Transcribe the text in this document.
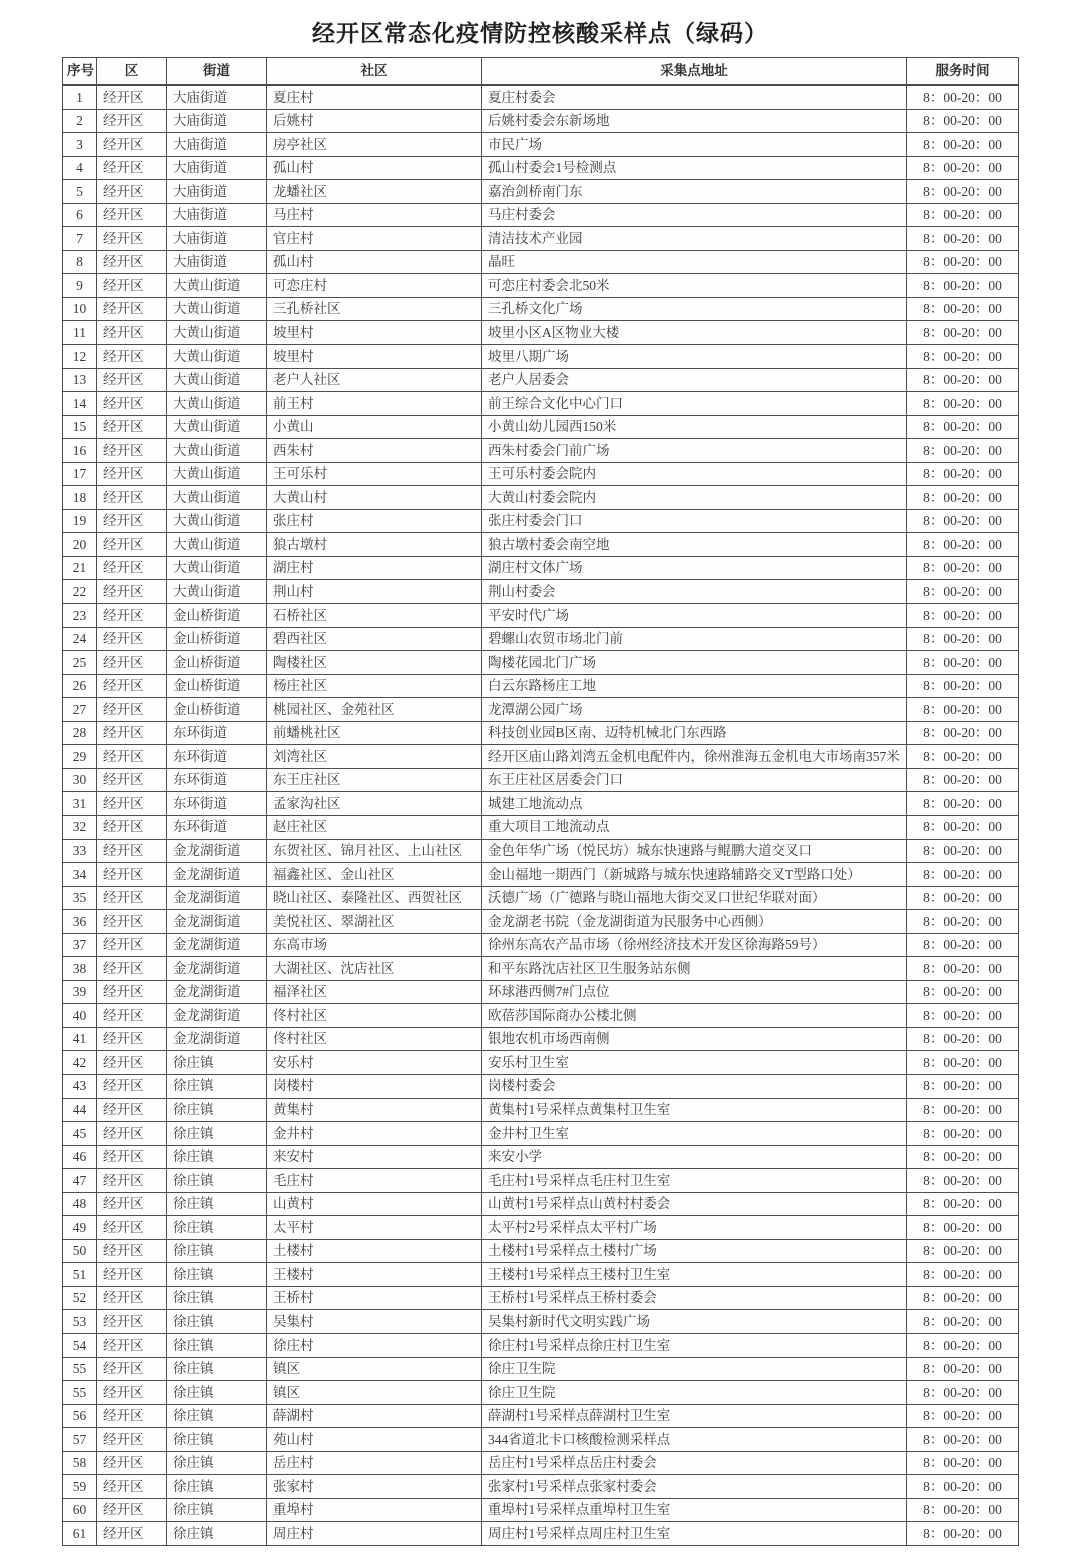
经开区常态化疫情防控核酸采样点（绿码）
序号	区	街道	社区	采集点地址	服务时间
1	经开区	大庙街道	夏庄村	夏庄村委会	8：00-20：00
2	经开区	大庙街道	后姚村	后姚村委会东新场地	8：00-20：00
3	经开区	大庙街道	房亭社区	市民广场	8：00-20：00
4	经开区	大庙街道	孤山村	孤山村委会1号检测点	8：00-20：00
5	经开区	大庙街道	龙蟠社区	嘉治剑桥南门东	8：00-20：00
6	经开区	大庙街道	马庄村	马庄村委会	8：00-20：00
7	经开区	大庙街道	官庄村	清洁技术产业园	8：00-20：00
8	经开区	大庙街道	孤山村	晶旺	8：00-20：00
9	经开区	大黄山街道	可恋庄村	可恋庄村委会北50米	8：00-20：00
10	经开区	大黄山街道	三孔桥社区	三孔桥文化广场	8：00-20：00
11	经开区	大黄山街道	坡里村	坡里小区A区物业大楼	8：00-20：00
12	经开区	大黄山街道	坡里村	坡里八期广场	8：00-20：00
13	经开区	大黄山街道	老户人社区	老户人居委会	8：00-20：00
14	经开区	大黄山街道	前王村	前王综合文化中心门口	8：00-20：00
15	经开区	大黄山街道	小黄山	小黄山幼儿园西150米	8：00-20：00
16	经开区	大黄山街道	西朱村	西朱村委会门前广场	8：00-20：00
17	经开区	大黄山街道	王可乐村	王可乐村委会院内	8：00-20：00
18	经开区	大黄山街道	大黄山村	大黄山村委会院内	8：00-20：00
19	经开区	大黄山街道	张庄村	张庄村委会门口	8：00-20：00
20	经开区	大黄山街道	狼古墩村	狼古墩村委会南空地	8：00-20：00
21	经开区	大黄山街道	湖庄村	湖庄村文体广场	8：00-20：00
22	经开区	大黄山街道	荆山村	荆山村委会	8：00-20：00
23	经开区	金山桥街道	石桥社区	平安时代广场	8：00-20：00
24	经开区	金山桥街道	碧西社区	碧螺山农贸市场北门前	8：00-20：00
25	经开区	金山桥街道	陶楼社区	陶楼花园北门广场	8：00-20：00
26	经开区	金山桥街道	杨庄社区	白云东路杨庄工地	8：00-20：00
27	经开区	金山桥街道	桃园社区、金苑社区	龙潭湖公园广场	8：00-20：00
28	经开区	东环街道	前蟠桃社区	科技创业园B区南、迈特机械北门东西路	8：00-20：00
29	经开区	东环街道	刘湾社区	经开区庙山路刘湾五金机电配件内，徐州淮海五金机电大市场南357米	8：00-20：00
30	经开区	东环街道	东王庄社区	东王庄社区居委会门口	8：00-20：00
31	经开区	东环街道	孟家沟社区	城建工地流动点	8：00-20：00
32	经开区	东环街道	赵庄社区	重大项目工地流动点	8：00-20：00
33	经开区	金龙湖街道	东贺社区、锦月社区、上山社区	金色年华广场（悦民坊）城东快速路与鲲鹏大道交叉口	8：00-20：00
34	经开区	金龙湖街道	福鑫社区、金山社区	金山福地一期西门（新城路与城东快速路辅路交叉T型路口处）	8：00-20：00
35	经开区	金龙湖街道	晓山社区、泰隆社区、西贺社区	沃德广场（广德路与晓山福地大街交叉口世纪华联对面）	8：00-20：00
36	经开区	金龙湖街道	美悦社区、翠湖社区	金龙湖老书院（金龙湖街道为民服务中心西侧）	8：00-20：00
37	经开区	金龙湖街道	东高市场	徐州东高农产品市场（徐州经济技术开发区徐海路59号）	8：00-20：00
38	经开区	金龙湖街道	大湖社区、沈店社区	和平东路沈店社区卫生服务站东侧	8：00-20：00
39	经开区	金龙湖街道	福泽社区	环球港西侧7#门点位	8：00-20：00
40	经开区	金龙湖街道	佟村社区	欧蓓莎国际商办公楼北侧	8：00-20：00
41	经开区	金龙湖街道	佟村社区	银地农机市场西南侧	8：00-20：00
42	经开区	徐庄镇	安乐村	安乐村卫生室	8：00-20：00
43	经开区	徐庄镇	岗楼村	岗楼村委会	8：00-20：00
44	经开区	徐庄镇	黄集村	黄集村1号采样点黄集村卫生室	8：00-20：00
45	经开区	徐庄镇	金井村	金井村卫生室	8：00-20：00
46	经开区	徐庄镇	来安村	来安小学	8：00-20：00
47	经开区	徐庄镇	毛庄村	毛庄村1号采样点毛庄村卫生室	8：00-20：00
48	经开区	徐庄镇	山黄村	山黄村1号采样点山黄村村委会	8：00-20：00
49	经开区	徐庄镇	太平村	太平村2号采样点太平村广场	8：00-20：00
50	经开区	徐庄镇	土楼村	土楼村1号采样点土楼村广场	8：00-20：00
51	经开区	徐庄镇	王楼村	王楼村1号采样点王楼村卫生室	8：00-20：00
52	经开区	徐庄镇	王桥村	王桥村1号采样点王桥村委会	8：00-20：00
53	经开区	徐庄镇	吴集村	吴集村新时代文明实践广场	8：00-20：00
54	经开区	徐庄镇	徐庄村	徐庄村1号采样点徐庄村卫生室	8：00-20：00
55	经开区	徐庄镇	镇区	徐庄卫生院	8：00-20：00
55	经开区	徐庄镇	镇区	徐庄卫生院	8：00-20：00
56	经开区	徐庄镇	薛湖村	薛湖村1号采样点薛湖村卫生室	8：00-20：00
57	经开区	徐庄镇	苑山村	344省道北卡口核酸检测采样点	8：00-20：00
58	经开区	徐庄镇	岳庄村	岳庄村1号采样点岳庄村委会	8：00-20：00
59	经开区	徐庄镇	张家村	张家村1号采样点张家村委会	8：00-20：00
60	经开区	徐庄镇	重埠村	重埠村1号采样点重埠村卫生室	8：00-20：00
61	经开区	徐庄镇	周庄村	周庄村1号采样点周庄村卫生室	8：00-20：00
